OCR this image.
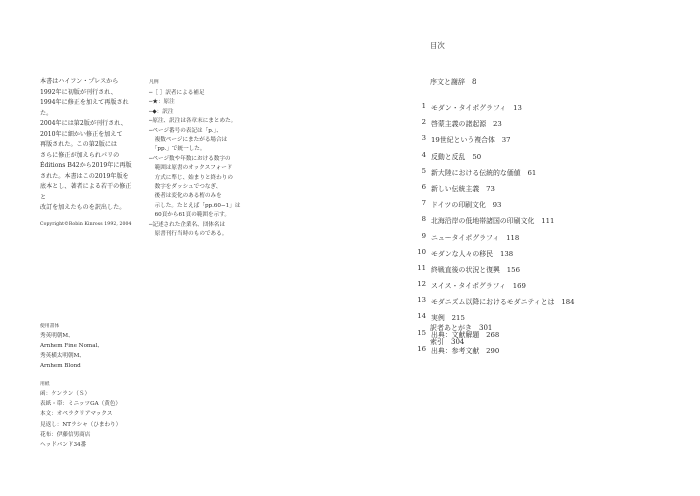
本書はハイフン・プレスから

1992年に初版が刊行され、

1994年に修正を加えて再版された。

2004年には第2版が刊行され、

2010年に細かい修正を加えて

再版された。この第2版には

さらに修正が加えられパリの

Éditions B42から2019年に再版

された。本書はこの2019年版を

底本とし、著者による若干の修正と

改訂を加えたものを訳出した。

Copyright©Robin Kinross 1992, 2004

凡例
─［ ］訳者による補足
─★：原注
─◆：訳注
─原注、訳注は各章末にまとめた。
─ページ番号の表記は「p.」、
　複数ページにまたがる場合は
　「pp.」で統一した。
─ページ数や年数における数字の
　範囲は原書のオックスフォード
　方式に準じ、始まりと終わりの
　数字をダッシュでつなぎ、
　後者は変化のある桁のみを
　示した。たとえば「pp.60−1」は
　60頁から61頁の範囲を示す。
─記述された企業名、団体名は
　原書刊行当時のものである。
使用書体
秀英明朝M、
Arnhem Fine Nomal、
秀英横太明朝M、
Arnhem Blond
用紙
函：ケンラン（Ｓ）
表紙・帯：ミニッツGA（黄色）
本文：オペラクリアマックス
見返し：NTラシャ（ひまわり）
花布：伊藤信男商店
ヘッドバンド34番
目次
序文と謝辞　8
1 モダン・タイポグラフィ　13
2 啓蒙主義の諸起源　23
3 19世紀という複合体　37
4 反動と反乱　50
5 新大陸における伝統的な価値　61
6 新しい伝統主義　73
7 ドイツの印刷文化　93
8 北海沿岸の低地帯諸国の印刷文化　111
9 ニュータイポグラフィ　118
10 モダンな人々の移民　138
11 終戦直後の状況と復興　156
12 スイス・タイポグラフィ　169
13 モダニズム以降におけるモダニティとは　184
14 実例　215
15 出典：文献解題　268
16 出典：参考文献　290
訳者あとがき　301
索引　304
